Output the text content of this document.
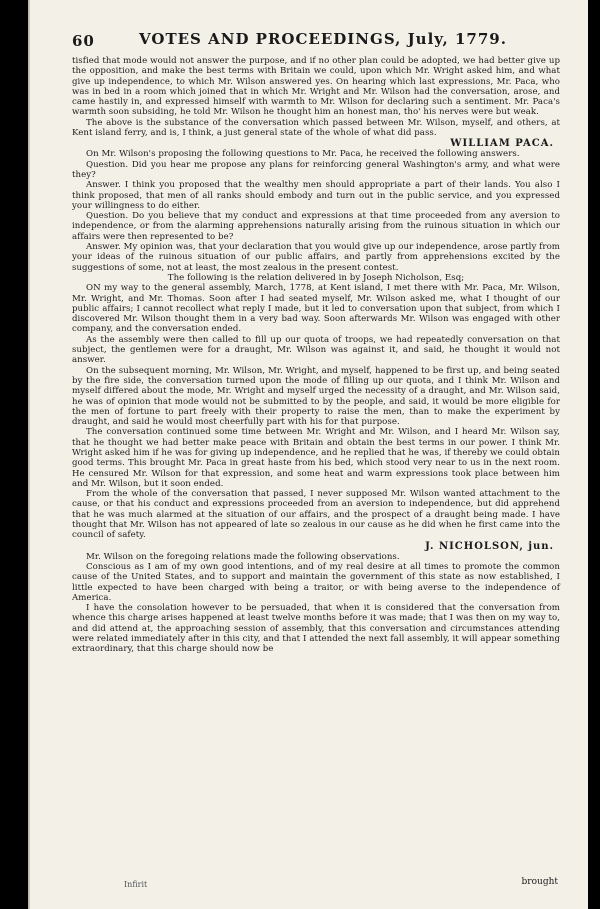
60	VOTES AND PROCEEDINGS, July, 1779.

tisfied that mode would not answer the purpose, and if no other plan could be adopted, we had better give up the opposition, and make the best terms with Britain we could, upon which Mr. Wright asked him, and what give up independence, to which Mr. Wilson answered yes. On hearing which last expressions, Mr. Paca, who was in bed in a room which joined that in which Mr. Wright and Mr. Wilson had the conversation, arose, and came hastily in, and expressed himself with warmth to Mr. Wilson for declaring such a sentiment. Mr. Paca's warmth soon subsiding, he told Mr. Wilson he thought him an honest man, tho' his nerves were but weak.

The above is the substance of the conversation which passed between Mr. Wilson, myself, and others, at Kent island ferry, and is, I think, a just general state of the whole of what did pass.

WILLIAM PACA.

On Mr. Wilson's proposing the following questions to Mr. Paca, he received the following answers.

Question. Did you hear me propose any plans for reinforcing general Washington's army, and what were they?

Answer. I think you proposed that the wealthy men should appropriate a part of their lands. You also I think proposed, that men of all ranks should embody and turn out in the public service, and you expressed your willingness to do either.

Question. Do you believe that my conduct and expressions at that time proceeded from any aversion to independence, or from the alarming apprehensions naturally arising from the ruinous situation in which our affairs were then represented to be?

Answer. My opinion was, that your declaration that you would give up our independence, arose partly from your ideas of the ruinous situation of our public affairs, and partly from apprehensions excited by the suggestions of some, not at least, the most zealous in the present contest.

The following is the relation delivered in by Joseph Nicholson, Esq;

ON my way to the general assembly, March, 1778, at Kent island, I met there with Mr. Paca, Mr. Wilson, Mr. Wright, and Mr. Thomas. Soon after I had seated myself, Mr. Wilson asked me, what I thought of our public affairs; I cannot recollect what reply I made, but it led to conversation upon that subject, from which I discovered Mr. Wilson thought them in a very bad way. Soon afterwards Mr. Wilson was engaged with other company, and the conversation ended.

As the assembly were then called to fill up our quota of troops, we had repeatedly conversation on that subject, the gentlemen were for a draught, Mr. Wilson was against it, and said, he thought it would not answer.

On the subsequent morning, Mr. Wilson, Mr. Wright, and myself, happened to be first up, and being seated by the fire side, the conversation turned upon the mode of filling up our quota, and I think Mr. Wilson and myself differed about the mode, Mr. Wright and myself urged the necessity of a draught, and Mr. Wilson said, he was of opinion that mode would not be submitted to by the people, and said, it would be more eligible for the men of fortune to part freely with their property to raise the men, than to make the experiment by draught, and said he would most cheerfully part with his for that purpose.

The conversation continued some time between Mr. Wright and Mr. Wilson, and I heard Mr. Wilson say, that he thought we had better make peace with Britain and obtain the best terms in our power. I think Mr. Wright asked him if he was for giving up independence, and he replied that he was, if thereby we could obtain good terms. This brought Mr. Paca in great haste from his bed, which stood very near to us in the next room. He censured Mr. Wilson for that expression, and some heat and warm expressions took place between him and Mr. Wilson, but it soon ended.

From the whole of the conversation that passed, I never supposed Mr. Wilson wanted attachment to the cause, or that his conduct and expressions proceeded from an aversion to independence, but did apprehend that he was much alarmed at the situation of our affairs, and the prospect of a draught being made. I have thought that Mr. Wilson has not appeared of late so zealous in our cause as he did when he first came into the council of safety.

J. NICHOLSON, jun.

Mr. Wilson on the foregoing relations made the following observations.

Conscious as I am of my own good intentions, and of my real desire at all times to promote the common cause of the United States, and to support and maintain the government of this state as now established, I little expected to have been charged with being a traitor, or with being averse to the independence of America.

I have the consolation however to be persuaded, that when it is considered that the conversation from whence this charge arises happened at least twelve months before it was made; that I was then on my way to, and did attend at, the approaching session of assembly, that this conversation and circumstances attending were related immediately after in this city, and that I attended the next fall assembly, it will appear something extraordinary, that this charge should now be

Infirit	brought
